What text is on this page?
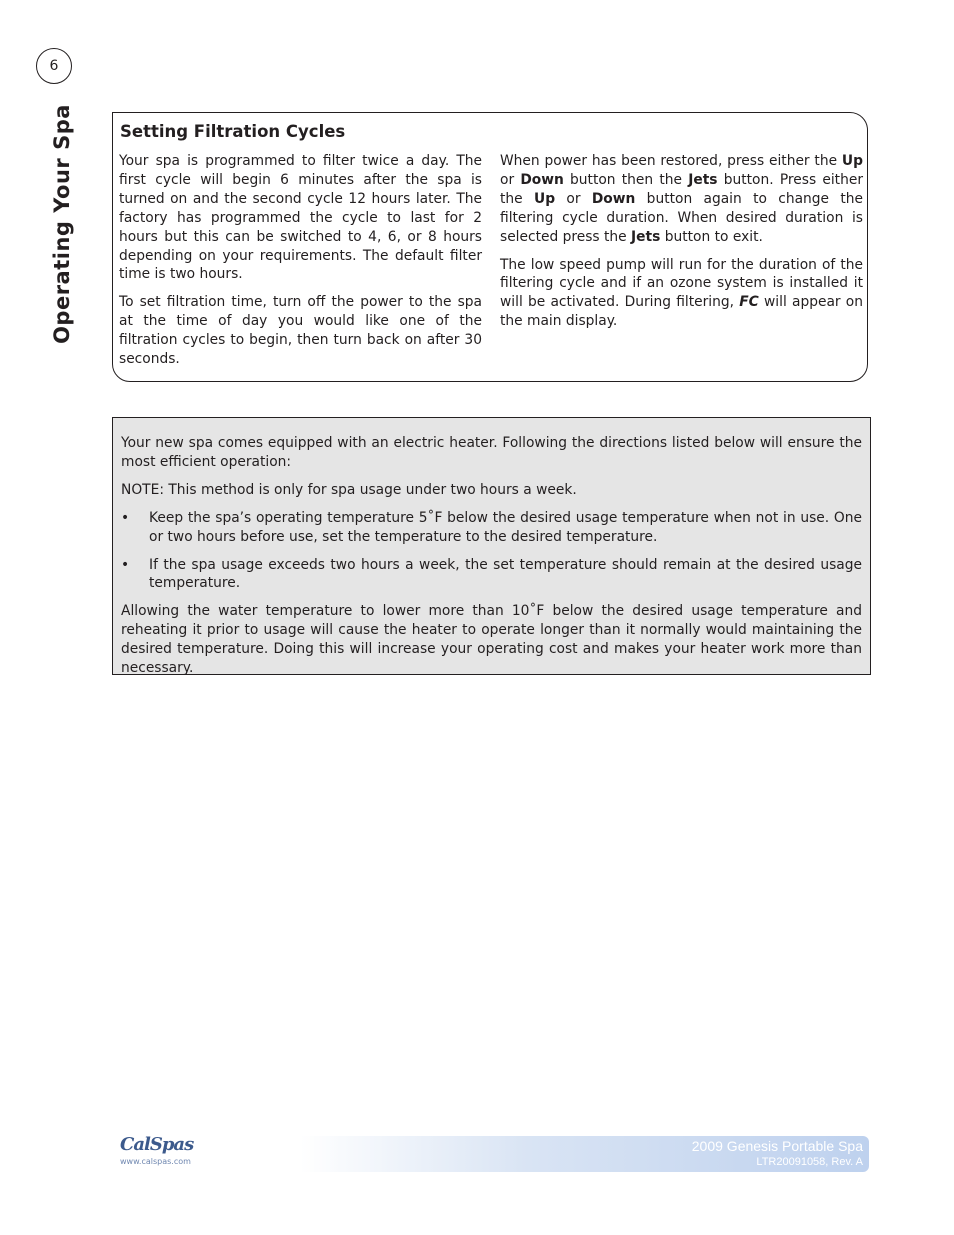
6
Operating Your Spa	Setting Filtration Cycles

Your spa is programmed to filter twice a day. The first cycle will begin 6 minutes after the spa is turned on and the second cycle 12 hours later. The factory has programmed the cycle to last for 2 hours but this can be switched to 4, 6, or 8 hours depending on your requirements. The default filter time is two hours.

To set filtration time, turn off the power to the spa at the time of day you would like one of the filtration cycles to begin, then turn back on after 30 seconds.

When power has been restored, press either the Up or Down button then the Jets button. Press either the Up or Down button again to change the filtering cycle duration. When desired duration is selected press the Jets button to exit.

The low speed pump will run for the duration of the filtering cycle and if an ozone system is installed it will be activated. During filtering, FC will appear on the main display.

Your new spa comes equipped with an electric heater. Following the directions listed below will ensure the most efficient operation:

NOTE: This method is only for spa usage under two hours a week.

• Keep the spa’s operating temperature 5˚F below the desired usage temperature when not in use. One or two hours before use, set the temperature to the desired temperature.
• If the spa usage exceeds two hours a week, the set temperature should remain at the desired usage temperature.

Allowing the water temperature to lower more than 10˚F below the desired usage temperature and reheating it prior to usage will cause the heater to operate longer than it normally would maintaining the desired temperature. Doing this will increase your operating cost and makes your heater work more than necessary.

CalSpas
www.calspas.com
2009 Genesis Portable Spa
LTR20091058, Rev. A
